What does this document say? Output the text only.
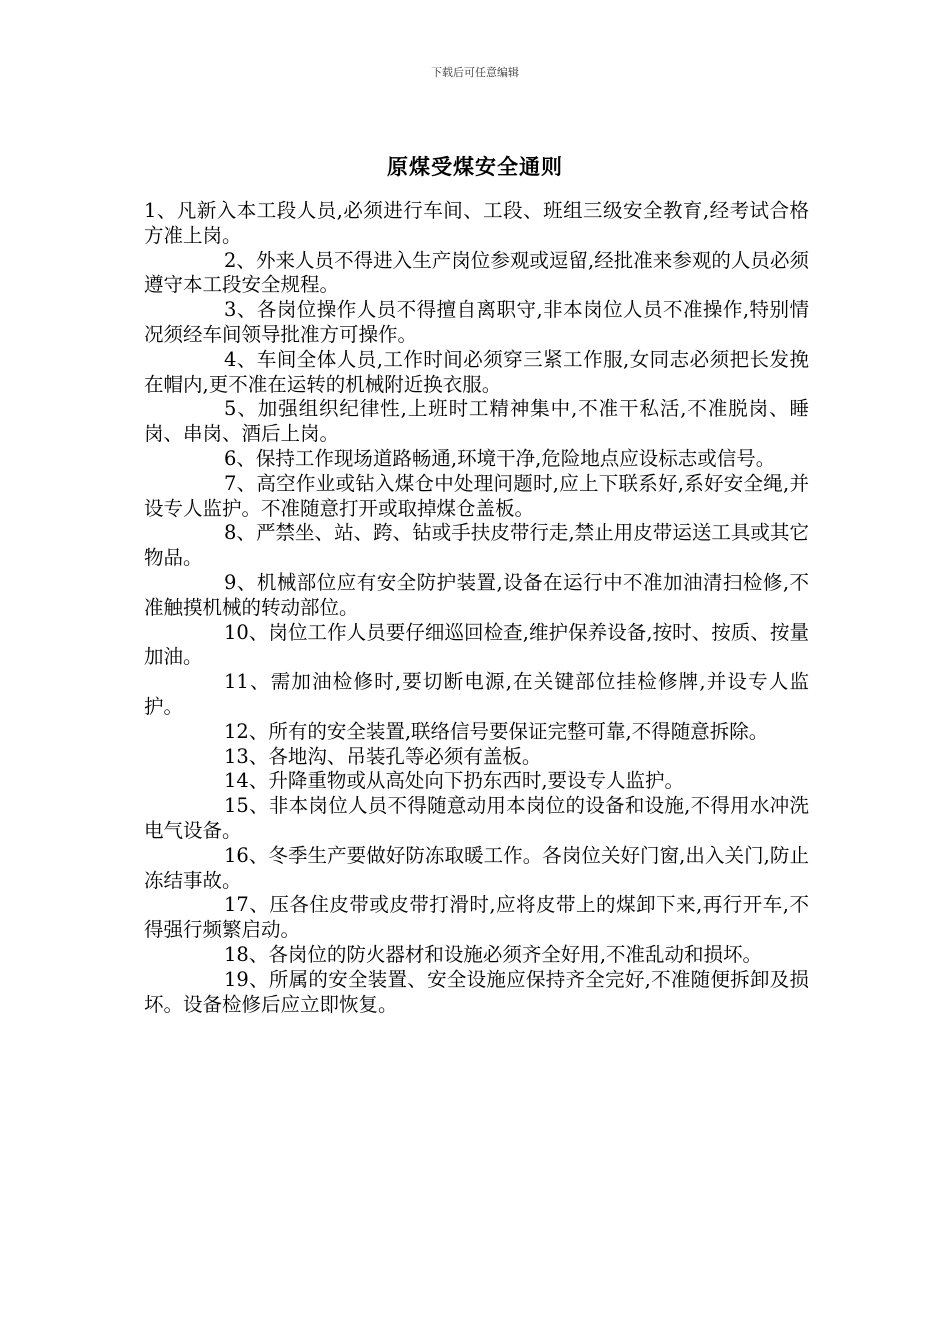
下载后可任意编辑
原煤受煤安全通则

1、凡新入本工段人员,必须进行车间、工段、班组三级安全教育,经考试合格方准上岗。

2、外来人员不得进入生产岗位参观或逗留,经批准来参观的人员必须遵守本工段安全规程。

3、各岗位操作人员不得擅自离职守,非本岗位人员不准操作,特别情况须经车间领导批准方可操作。

4、车间全体人员,工作时间必须穿三紧工作服,女同志必须把长发挽在帽内,更不准在运转的机械附近换衣服。

5、加强组织纪律性,上班时工精神集中,不准干私活,不准脱岗、睡岗、串岗、酒后上岗。

6、保持工作现场道路畅通,环境干净,危险地点应设标志或信号。

7、高空作业或钻入煤仓中处理问题时,应上下联系好,系好安全绳,并设专人监护。不准随意打开或取掉煤仓盖板。

8、严禁坐、站、跨、钻或手扶皮带行走,禁止用皮带运送工具或其它物品。

9、机械部位应有安全防护装置,设备在运行中不准加油清扫检修,不准触摸机械的转动部位。

10、岗位工作人员要仔细巡回检查,维护保养设备,按时、按质、按量加油。

11、需加油检修时,要切断电源,在关键部位挂检修牌,并设专人监护。

12、所有的安全装置,联络信号要保证完整可靠,不得随意拆除。

13、各地沟、吊装孔等必须有盖板。

14、升降重物或从高处向下扔东西时,要设专人监护。

15、非本岗位人员不得随意动用本岗位的设备和设施,不得用水冲洗电气设备。

16、冬季生产要做好防冻取暖工作。各岗位关好门窗,出入关门,防止冻结事故。

17、压各住皮带或皮带打滑时,应将皮带上的煤卸下来,再行开车,不得强行频繁启动。

18、各岗位的防火器材和设施必须齐全好用,不准乱动和损坏。

19、所属的安全装置、安全设施应保持齐全完好,不准随便拆卸及损坏。设备检修后应立即恢复。
